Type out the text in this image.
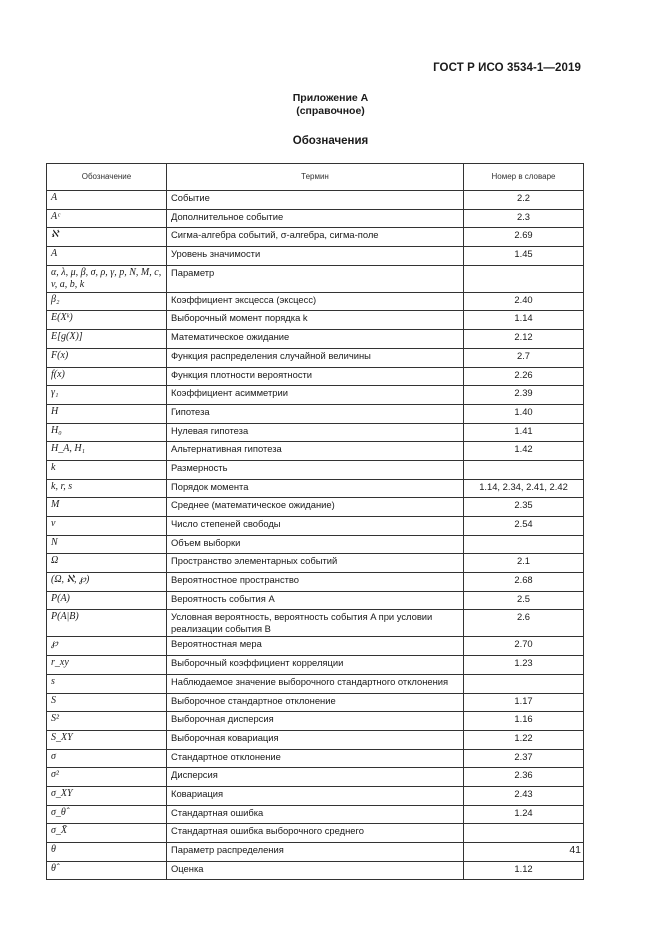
ГОСТ Р ИСО 3534-1—2019
Приложение А
(справочное)
Обозначения
Обозначение	Термин	Номер в словаре
A	Событие	2.2
Aᶜ	Дополнительное событие	2.3
ℵ	Сигма-алгебра событий, σ-алгебра, сигма-поле	2.69
A	Уровень значимости	1.45
α, λ, μ, β, σ, ρ, γ, p, N, M, c, v, a, b, k	Параметр	
β₂	Коэффициент эксцесса (эксцесс)	2.40
E(Xᵏ)	Выборочный момент порядка k	1.14
E[g(X)]	Математическое ожидание	2.12
F(x)	Функция распределения случайной величины	2.7
f(x)	Функция плотности вероятности	2.26
γ₁	Коэффициент асимметрии	2.39
H	Гипотеза	1.40
H₀	Нулевая гипотеза	1.41
H_A, H₁	Альтернативная гипотеза	1.42
k	Размерность	
k, r, s	Порядок момента	1.14, 2.34, 2.41, 2.42
M	Среднее (математическое ожидание)	2.35
v	Число степеней свободы	2.54
N	Объем выборки	
Ω	Пространство элементарных событий	2.1
(Ω, ℵ, ℘)	Вероятностное пространство	2.68
P(A)	Вероятность события A	2.5
P(A|B)	Условная вероятность, вероятность события A при условии реализации события B	2.6
℘	Вероятностная мера	2.70
r_xy	Выборочный коэффициент корреляции	1.23
s	Наблюдаемое значение выборочного стандартного отклонения	
S	Выборочное стандартное отклонение	1.17
S²	Выборочная дисперсия	1.16
S_XY	Выборочная ковариация	1.22
σ	Стандартное отклонение	2.37
σ²	Дисперсия	2.36
σ_XY	Ковариация	2.43
σ_θ̂	Стандартная ошибка	1.24
σ_X̄	Стандартная ошибка выборочного среднего	
θ	Параметр распределения	
θ̂	Оценка	1.12
41
